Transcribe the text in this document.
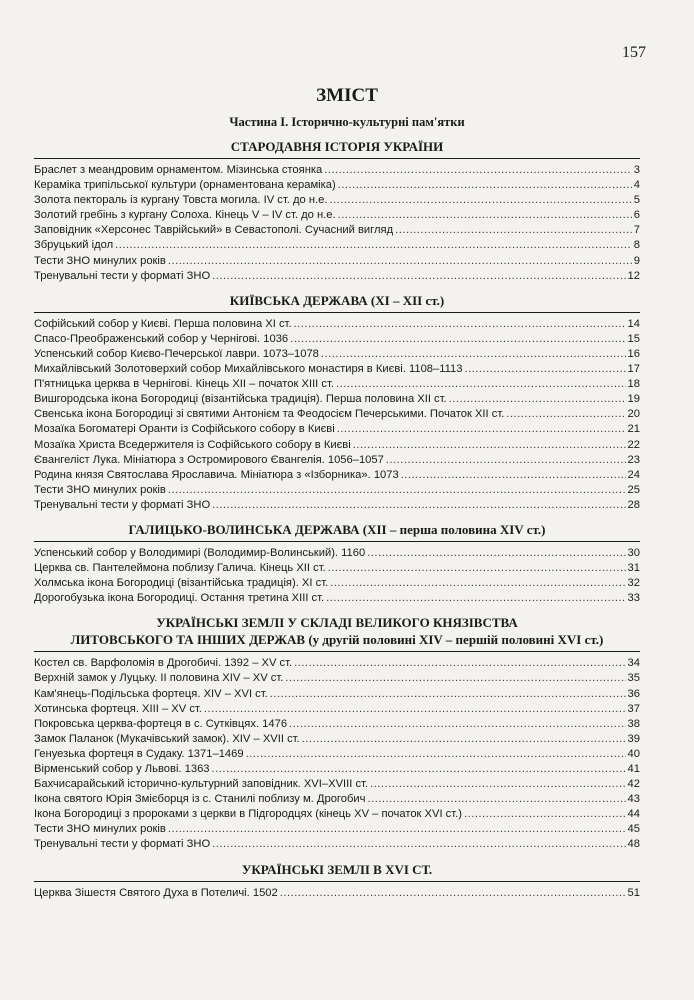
157
ЗМІСТ
Частина І. Історично-культурні пам'ятки
СТАРОДАВНЯ ІСТОРІЯ УКРАЇНИ
Браслет з меандровим орнаментом. Мізинська стоянка .....	3
Кераміка трипільської культури (орнаментована кераміка) .....	4
Золота пектораль із кургану Товста могила. IV ст. до н.е. .....	5
Золотий гребінь з кургану Солоха. Кінець V – IV ст. до н.е. .....	6
Заповідник «Херсонес Таврійський» в Севастополі. Сучасний вигляд .....	7
Збруцький ідол .....	8
Тести ЗНО минулих років .....	9
Тренувальні тести у форматі ЗНО .....	12
КИЇВСЬКА ДЕРЖАВА (XI – XII ст.)
Софійський собор у Києві. Перша половина XI ст. .....	14
Спасо-Преображенський собор у Чернігові. 1036 .....	15
Успенський собор Києво-Печерської лаври. 1073–1078 .....	16
Михайлівський Золотоверхий собор Михайлівського монастиря в Києві. 1108–1113 .....	17
П'ятницька церква в Чернігові. Кінець XII – початок XIII ст. .....	18
Вишгородська ікона Богородиці (візантійська традиція). Перша половина XII ст. .....	19
Свенська ікона Богородиці зі святими Антонієм та Феодосієм Печерськими. Початок XII ст. .....	20
Мозаїка Богоматері Оранти із Софійського собору в Києві .....	21
Мозаїка Христа Вседержителя із Софійського собору в Києві .....	22
Євангеліст Лука. Мініатюра з Остромирового Євангелія. 1056–1057 .....	23
Родина князя Святослава Ярославича. Мініатюра з «Ізборника». 1073 .....	24
Тести ЗНО минулих років .....	25
Тренувальні тести у форматі ЗНО .....	28
ГАЛИЦЬКО-ВОЛИНСЬКА ДЕРЖАВА (XII – перша половина XIV ст.)
Успенський собор у Володимирі (Володимир-Волинський). 1160 .....	30
Церква св. Пантелеймона поблизу Галича. Кінець XII ст. .....	31
Холмська ікона Богородиці (візантійська традиція). XI ст. .....	32
Дорогобузька ікона Богородиці. Остання третина XIII ст. .....	33
УКРАЇНСЬКІ ЗЕМЛІ У СКЛАДІ ВЕЛИКОГО КНЯЗІВСТВА
ЛИТОВСЬКОГО ТА ІНШИХ ДЕРЖАВ (у другій половині XIV – першій половині XVI ст.)
Костел св. Варфоломія в Дрогобичі. 1392 – XV ст. .....	34
Верхній замок у Луцьку. ІІ половина XIV – XV ст. .....	35
Кам'янець-Подільська фортеця. XIV – XVI ст. .....	36
Хотинська фортеця. XIII – XV ст. .....	37
Покровська церква-фортеця в с. Сутківцях. 1476 .....	38
Замок Паланок (Мукачівський замок). XIV – XVII ст. .....	39
Генуезька фортеця в Судаку. 1371–1469 .....	40
Вірменський собор у Львові. 1363 .....	41
Бахчисарайський історично-культурний заповідник. XVI–XVIII ст. .....	42
Ікона святого Юрія Змієборця із с. Станилі поблизу м. Дрогобич .....	43
Ікона Богородиці з пророками з церкви в Підгородцях (кінець XV – початок XVI ст.) .....	44
Тести ЗНО минулих років .....	45
Тренувальні тести у форматі ЗНО .....	48
УКРАЇНСЬКІ ЗЕМЛІ В XVI СТ.
Церква Зішестя Святого Духа в Потеличі. 1502 .....	51
